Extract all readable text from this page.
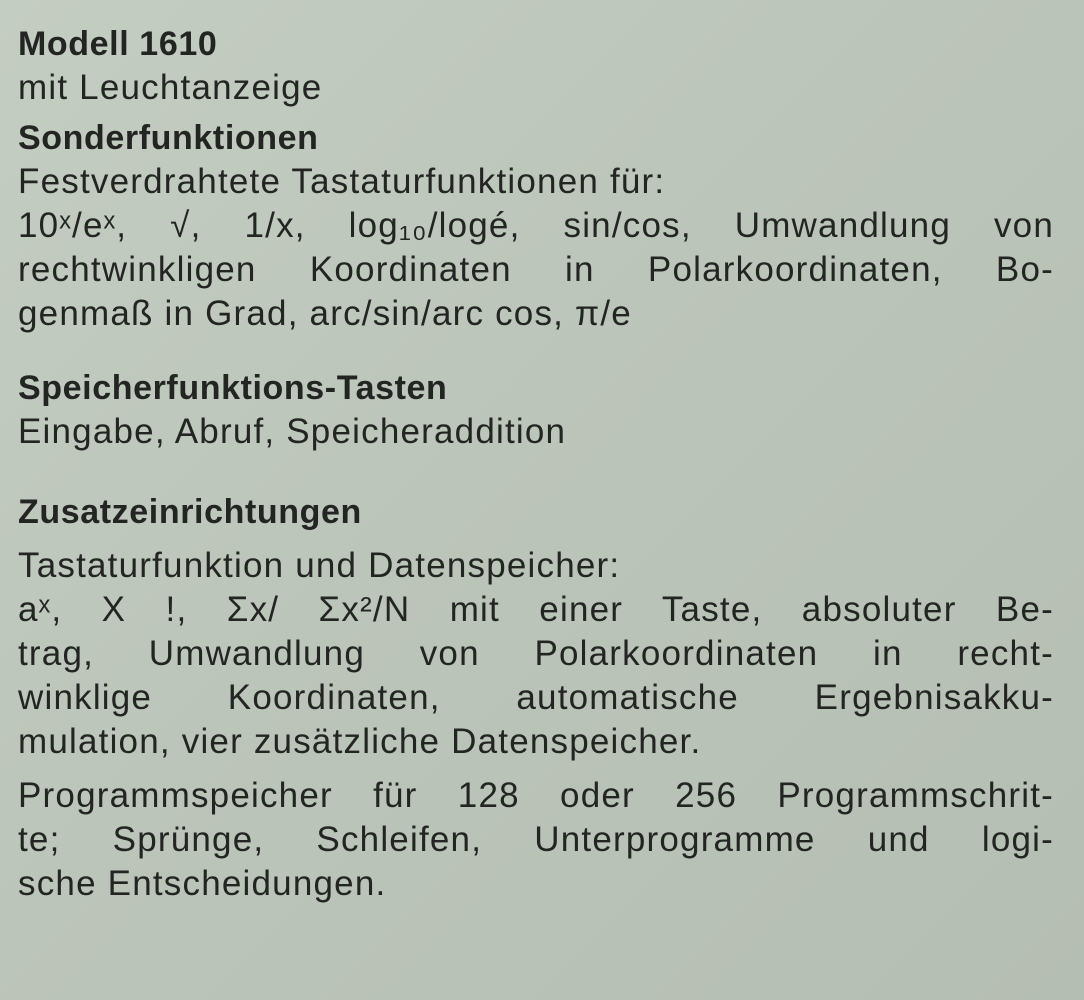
Modell 1610
mit Leuchtanzeige
Sonderfunktionen
Festverdrahtete Tastaturfunktionen für:
10ˣ/eˣ, √, 1/x, log₁₀/logé, sin/cos, Umwandlung von
rechtwinkligen Koordinaten in Polarkoordinaten, Bo-
genmaß in Grad, arc/sin/arc cos, π/e
Speicherfunktions-Tasten
Eingabe, Abruf, Speicheraddition
Zusatzeinrichtungen
Tastaturfunktion und Datenspeicher:
aˣ, X !, Σx/ Σx²/N mit einer Taste, absoluter Be-
trag, Umwandlung von Polarkoordinaten in recht-
winklige Koordinaten, automatische Ergebnisakku-
mulation, vier zusätzliche Datenspeicher.
Programmspeicher für 128 oder 256 Programmschrit-
te; Sprünge, Schleifen, Unterprogramme und logi-
sche Entscheidungen.
